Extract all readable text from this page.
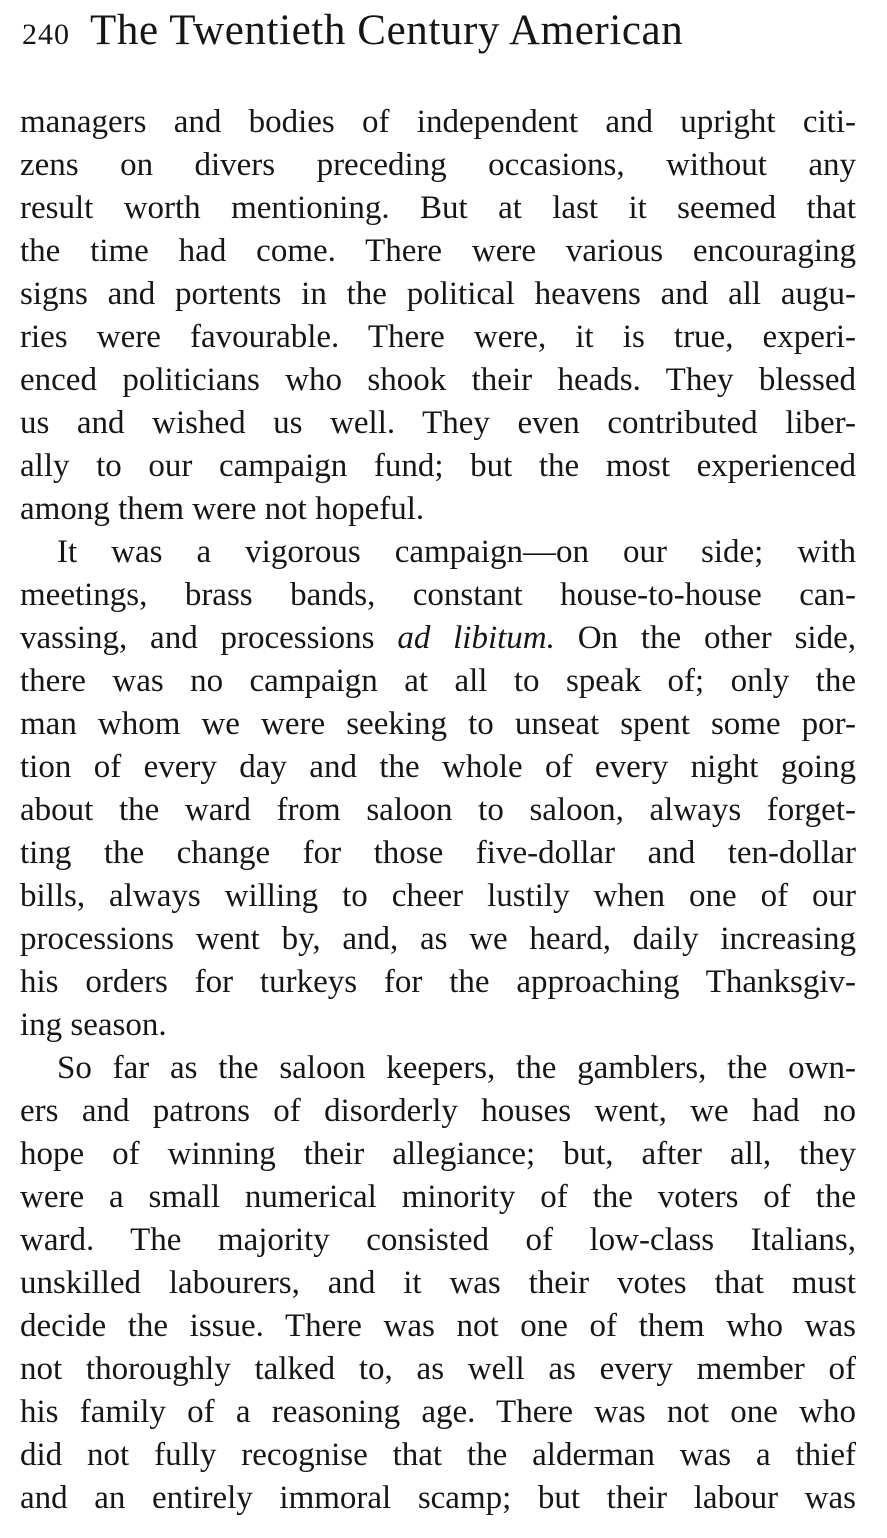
240 The Twentieth Century American
managers and bodies of independent and upright citi-
zens on divers preceding occasions, without any
result worth mentioning. But at last it seemed that
the time had come. There were various encouraging
signs and portents in the political heavens and all augu-
ries were favourable. There were, it is true, experi-
enced politicians who shook their heads. They blessed
us and wished us well. They even contributed liber-
ally to our campaign fund; but the most experienced
among them were not hopeful.
It was a vigorous campaign—on our side; with
meetings, brass bands, constant house-to-house can-
vassing, and processions ad libitum. On the other side,
there was no campaign at all to speak of; only the
man whom we were seeking to unseat spent some por-
tion of every day and the whole of every night going
about the ward from saloon to saloon, always forget-
ting the change for those five-dollar and ten-dollar
bills, always willing to cheer lustily when one of our
processions went by, and, as we heard, daily increasing
his orders for turkeys for the approaching Thanksgiv-
ing season.
So far as the saloon keepers, the gamblers, the own-
ers and patrons of disorderly houses went, we had no
hope of winning their allegiance; but, after all, they
were a small numerical minority of the voters of the
ward. The majority consisted of low-class Italians,
unskilled labourers, and it was their votes that must
decide the issue. There was not one of them who was
not thoroughly talked to, as well as every member of
his family of a reasoning age. There was not one who
did not fully recognise that the alderman was a thief
and an entirely immoral scamp; but their labour was
